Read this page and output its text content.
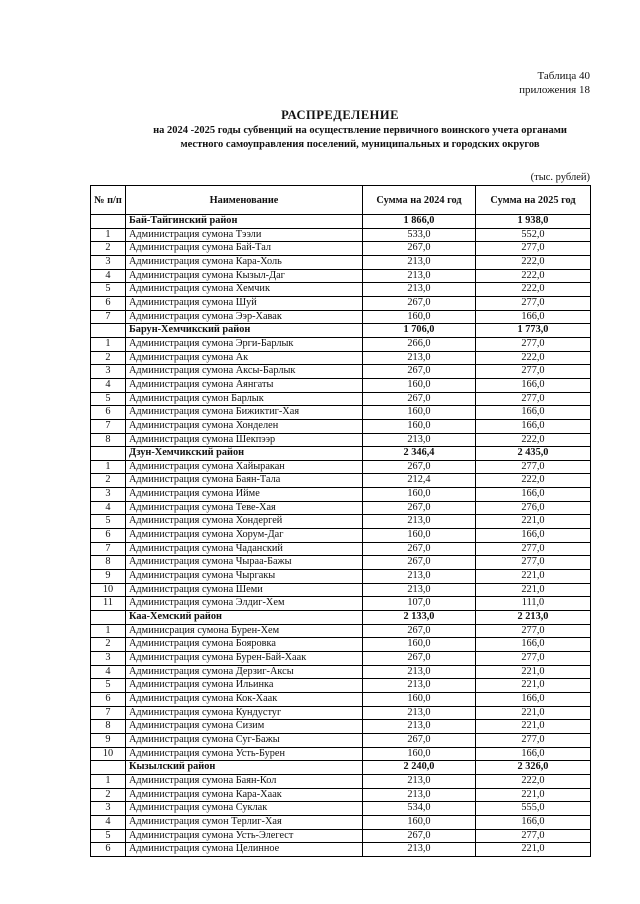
Таблица 40
приложения 18
РАСПРЕДЕЛЕНИЕ
на 2024 -2025 годы субвенций на осуществление первичного воинского учета органами
местного самоуправления поселений, муниципальных и городских округов
(тыс. рублей)
№ п/п	Наименование	Сумма на 2024 год	Сумма на 2025 год
	Бай-Тайгинский район	1 866,0	1 938,0
1	Администрация сумона Тээли	533,0	552,0
2	Администрация сумона Бай-Тал	267,0	277,0
3	Администрация сумона Кара-Холь	213,0	222,0
4	Администрация сумона Кызыл-Даг	213,0	222,0
5	Администрация сумона Хемчик	213,0	222,0
6	Администрация сумона Шуй	267,0	277,0
7	Администрация сумона Ээр-Хавак	160,0	166,0
	Барун-Хемчикский район	1 706,0	1 773,0
1	Администрация сумона Эрги-Барлык	266,0	277,0
2	Администрация сумона Ак	213,0	222,0
3	Администрация сумона Аксы-Барлык	267,0	277,0
4	Администрация сумона Аянгаты	160,0	166,0
5	Администрация сумон Барлык	267,0	277,0
6	Администрация сумона Бижиктиг-Хая	160,0	166,0
7	Администрация сумона Хонделен	160,0	166,0
8	Администрация сумона Шекпээр	213,0	222,0
	Дзун-Хемчикский район	2 346,4	2 435,0
1	Администрация сумона Хайыракан	267,0	277,0
2	Администрация сумона Баян-Тала	212,4	222,0
3	Администрация сумона Ийме	160,0	166,0
4	Администрация сумона Теве-Хая	267,0	276,0
5	Администрация сумона Хондергей	213,0	221,0
6	Администрация сумона Хорум-Даг	160,0	166,0
7	Администрация сумона Чаданский	267,0	277,0
8	Администрация сумона Чыраа-Бажы	267,0	277,0
9	Администрация сумона Чыргакы	213,0	221,0
10	Администрация сумона Шеми	213,0	221,0
11	Администрация сумона Элдиг-Хем	107,0	111,0
	Каа-Хемский район	2 133,0	2 213,0
1	Админисрация сумона Бурен-Хем	267,0	277,0
2	Администрация сумона Бояровка	160,0	166,0
3	Администрация сумона Бурен-Бай-Хаак	267,0	277,0
4	Администрация сумона Дерзиг-Аксы	213,0	221,0
5	Администрация сумона Ильинка	213,0	221,0
6	Администрация сумона Кок-Хаак	160,0	166,0
7	Администрация сумона Кундустуг	213,0	221,0
8	Администрация сумона Сизим	213,0	221,0
9	Администрация сумона Суг-Бажы	267,0	277,0
10	Администрация сумона Усть-Бурен	160,0	166,0
	Кызылский район	2 240,0	2 326,0
1	Администрация сумона Баян-Кол	213,0	222,0
2	Администрация сумона Кара-Хаак	213,0	221,0
3	Администрация сумона Суклак	534,0	555,0
4	Администрация сумон Терлиг-Хая	160,0	166,0
5	Администрация сумона Усть-Элегест	267,0	277,0
6	Администрация сумона Целинное	213,0	221,0
